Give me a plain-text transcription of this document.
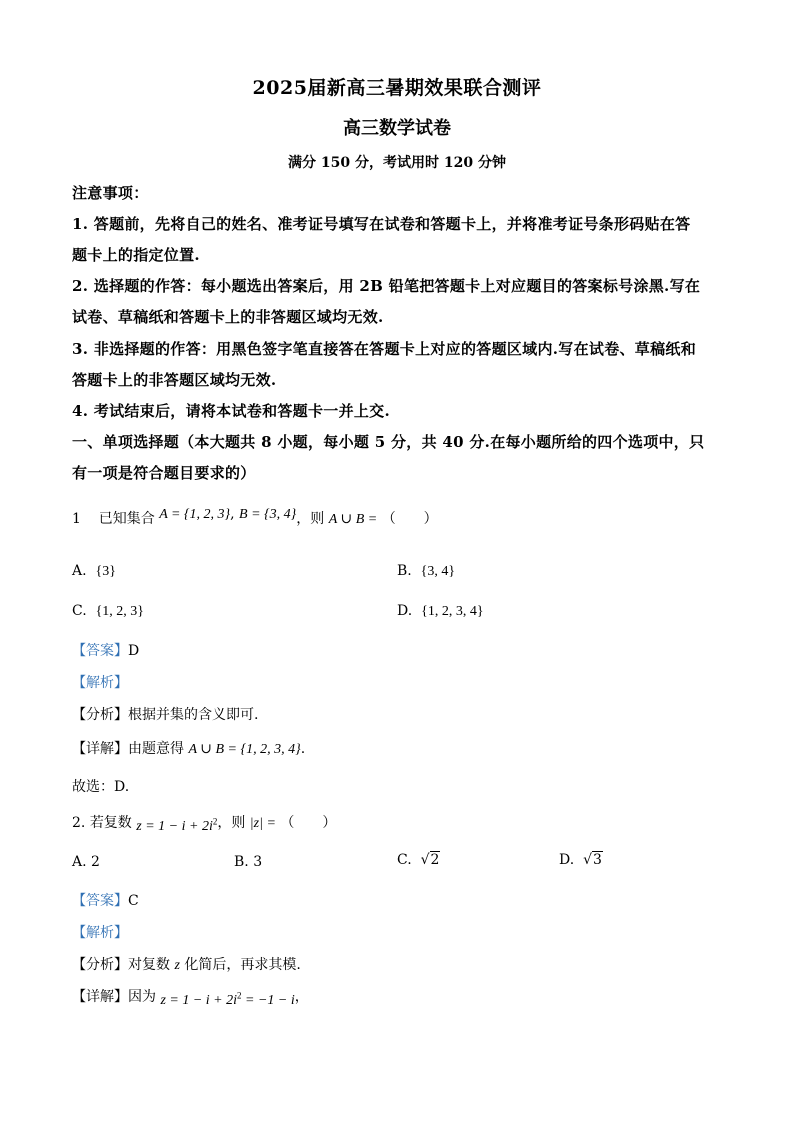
2025届新高三暑期效果联合测评
高三数学试卷
满分 150 分，考试用时 120 分钟
注意事项：
1. 答题前，先将自己的姓名、准考证号填写在试卷和答题卡上，并将准考证号条形码贴在答
题卡上的指定位置.
2. 选择题的作答：每小题选出答案后，用 2B 铅笔把答题卡上对应题目的答案标号涂黑.写在
试卷、草稿纸和答题卡上的非答题区域均无效.
3. 非选择题的作答：用黑色签字笔直接答在答题卡上对应的答题区域内.写在试卷、草稿纸和
答题卡上的非答题区域均无效.
4. 考试结束后，请将本试卷和答题卡一并上交.
一、单项选择题（本大题共 8 小题，每小题 5 分，共 40 分.在每小题所给的四个选项中，只
有一项是符合题目要求的）
1 已知集合 A = {1, 2, 3}, B = {3, 4}，则 A ∪ B = （　　）
A. {3}	B. {3, 4}
C. {1, 2, 3}	D. {1, 2, 3, 4}
【答案】D
【解析】
【分析】根据并集的含义即可.
【详解】由题意得 A ∪ B = {1, 2, 3, 4}.
故选：D.
2. 若复数 $z = 1 - i + 2i^2$，则 |z| = （　　）
A. 2	B. 3	C. √2	D. √3
【答案】C
【解析】
【分析】对复数 z 化简后，再求其模.
【详解】因为 $z = 1 - i + 2i^2 = -1 - i$，
